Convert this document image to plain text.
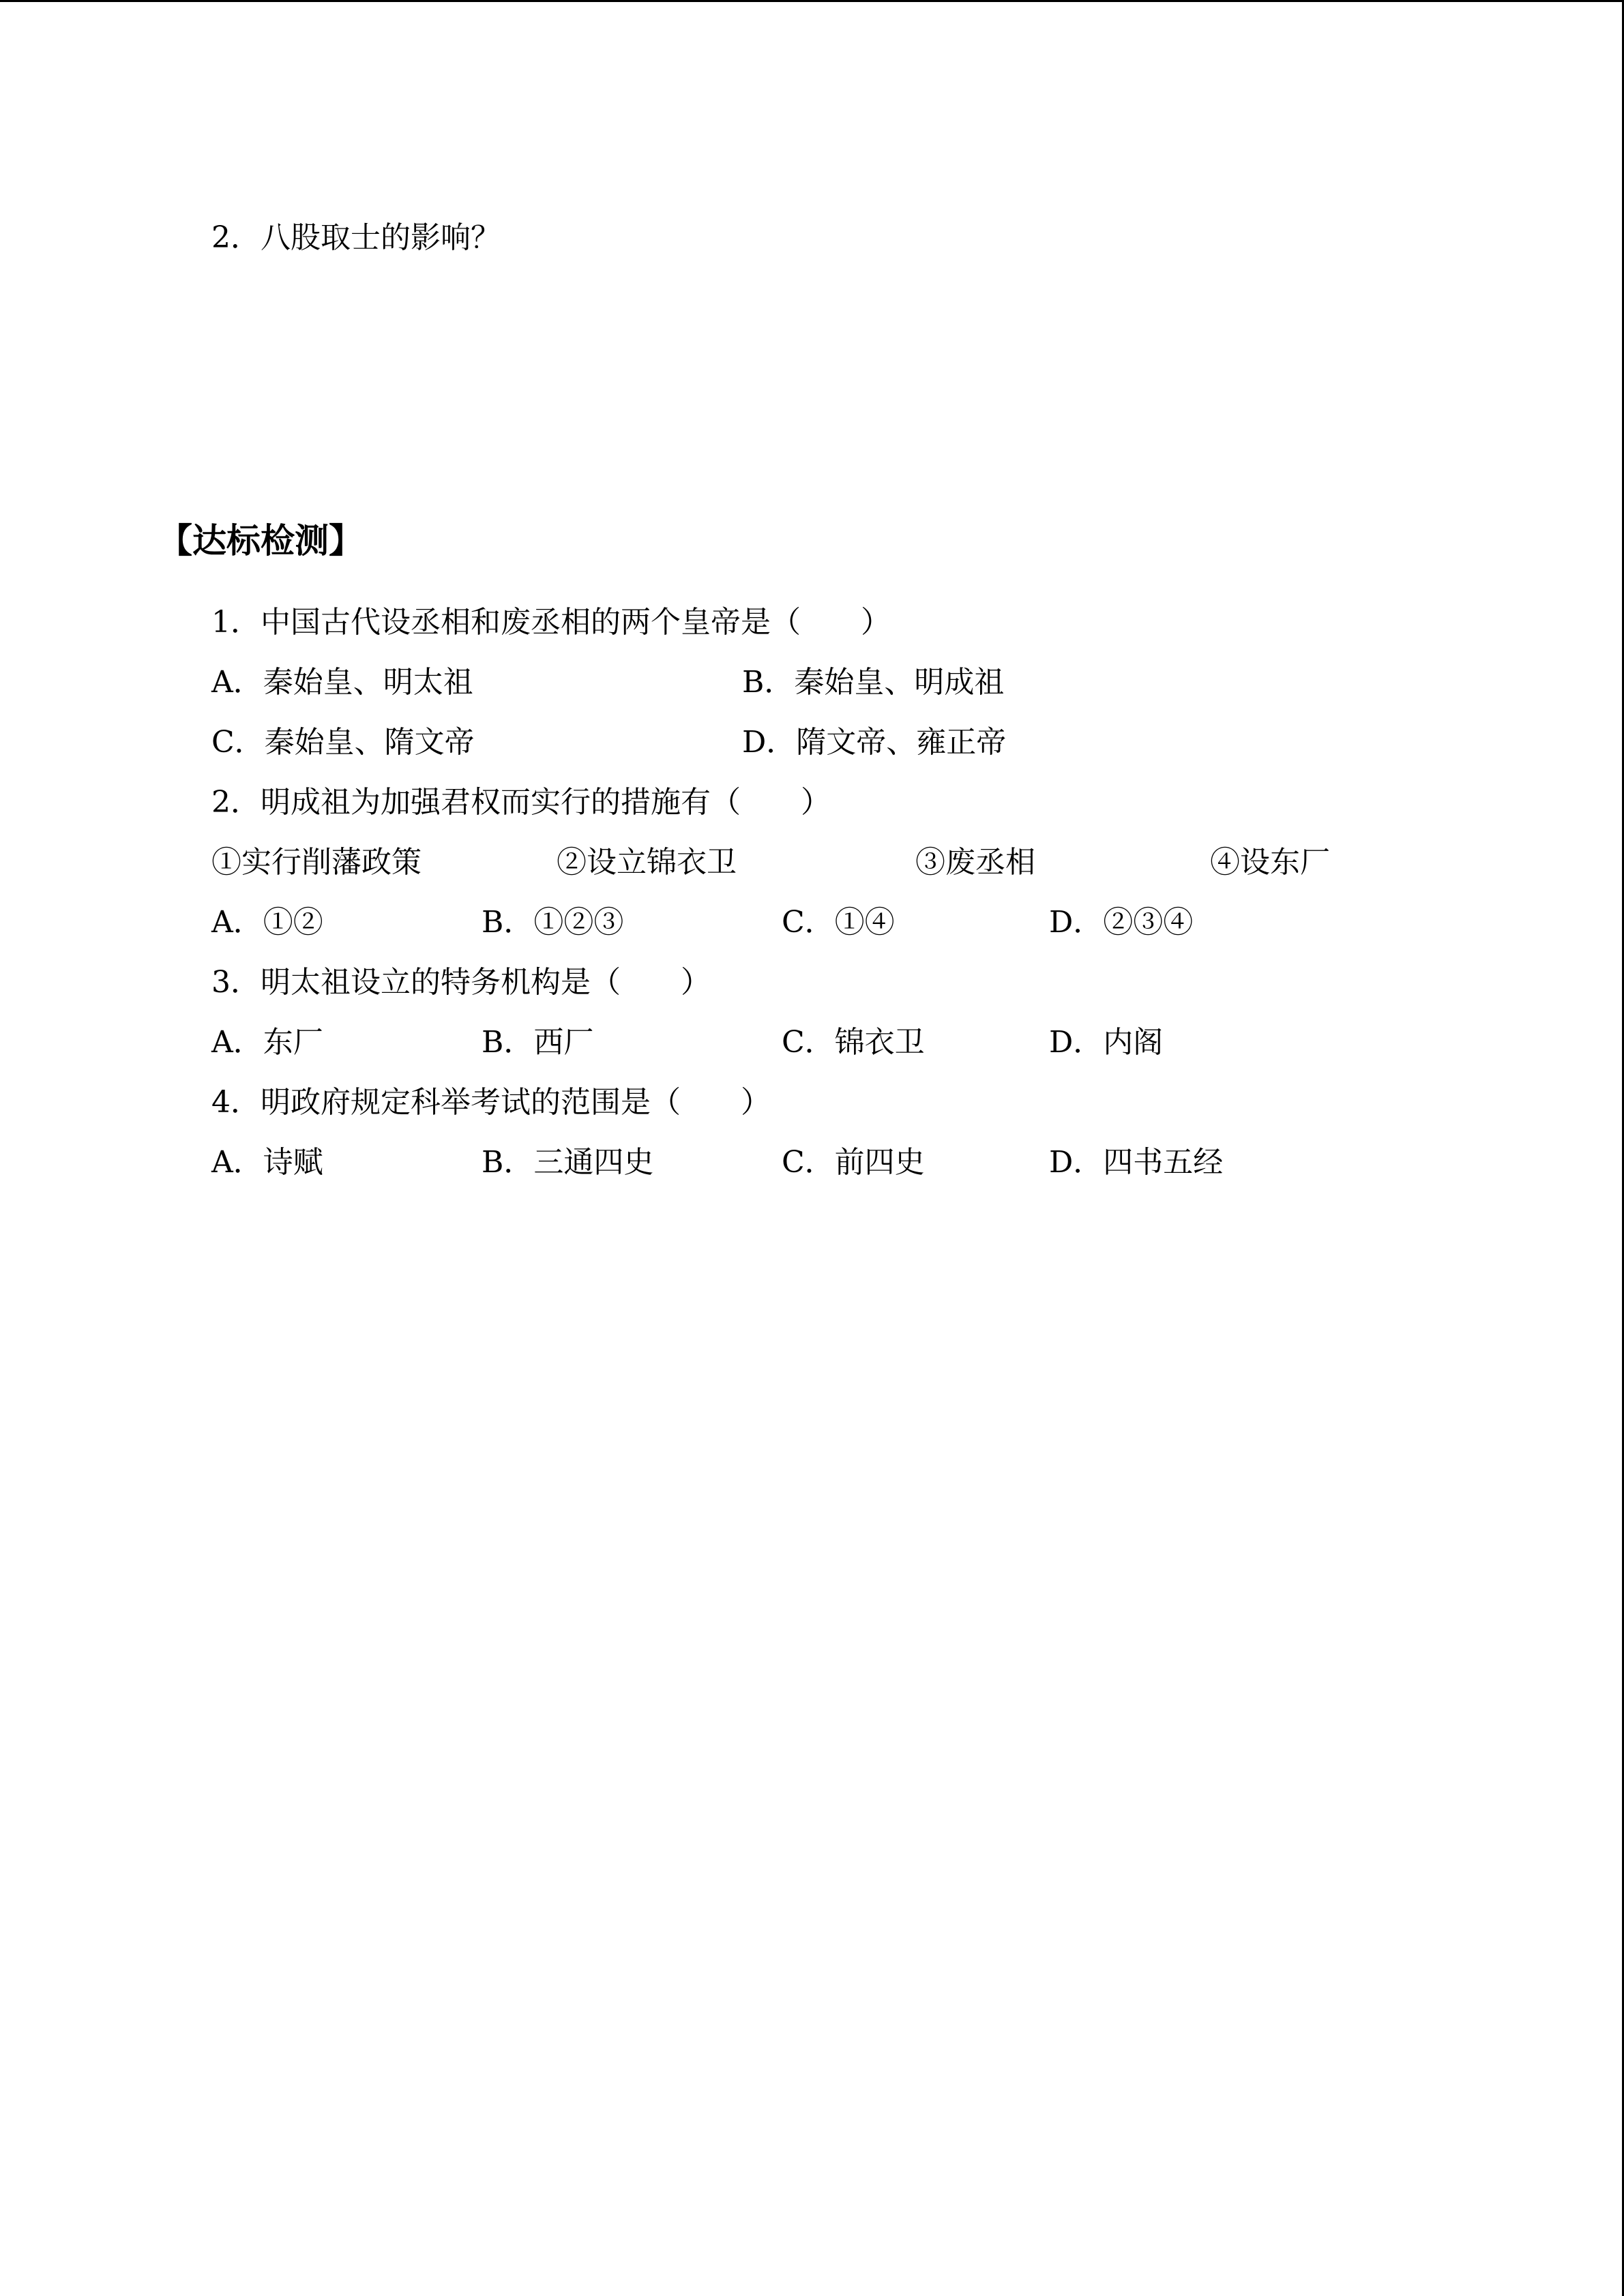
2．八股取士的影响？
【达标检测】
1．中国古代设丞相和废丞相的两个皇帝是（　　）
A．秦始皇、明太祖	B．秦始皇、明成祖
C．秦始皇、隋文帝	D．隋文帝、雍正帝
2．明成祖为加强君权而实行的措施有（　　）
①实行削藩政策	②设立锦衣卫	③废丞相	④设东厂
A．①②	B．①②③	C．①④	D．②③④
3．明太祖设立的特务机构是（　　）
A．东厂	B．西厂	C．锦衣卫	D．内阁
4．明政府规定科举考试的范围是（　　）
A．诗赋	B．三通四史	C．前四史	D．四书五经
